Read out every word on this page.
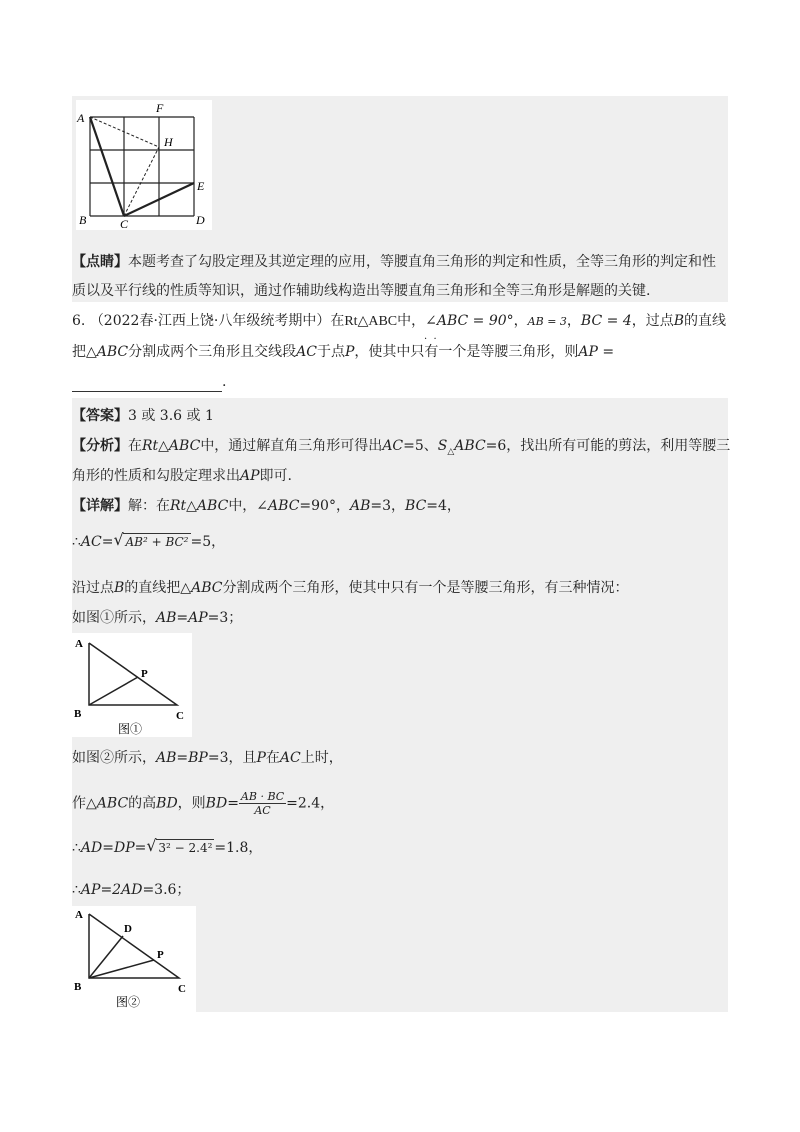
A
F
H
E
B	C	D
【点睛】本题考查了勾股定理及其逆定理的应用，等腰直角三角形的判定和性质，全等三角形的判定和性
质以及平行线的性质等知识，通过作辅助线构造出等腰直角三角形和全等三角形是解题的关键.
6. （2022春·江西上饶·八年级统考期中）在Rt△ABC中，∠ABC = 90°，AB = 3，BC = 4，过点B的直线
把△ABC分割成两个三角形且交线段AC于点P，使其中只有一个是等腰三角形，则AP =
·  ·
.
【答案】3 或 3.6 或 1
【分析】在Rt△ABC中，通过解直角三角形可得出AC=5、$S_\triangle ABC=6$，找出所有可能的剪法，利用等腰三
角形的性质和勾股定理求出AP即可.
【详解】解：在Rt△ABC中，∠ABC=90°，AB=3，BC=4，
∴AC= √ AB² + BC² =5，
沿过点B的直线把△ABC分割成两个三角形，使其中只有一个是等腰三角形，有三种情况：
如图①所示，AB=AP=3；
A
P
B	C
图①
如图②所示，AB=BP=3，且P在AC上时，
作△ABC的高BD，则$BD= \frac{AB \cdot BC}{AC} =2.4$，
∴AD=DP= √ 3² − 2.4² =1.8，
∴AP=2AD=3.6；
A
D
P
B	C
图②
